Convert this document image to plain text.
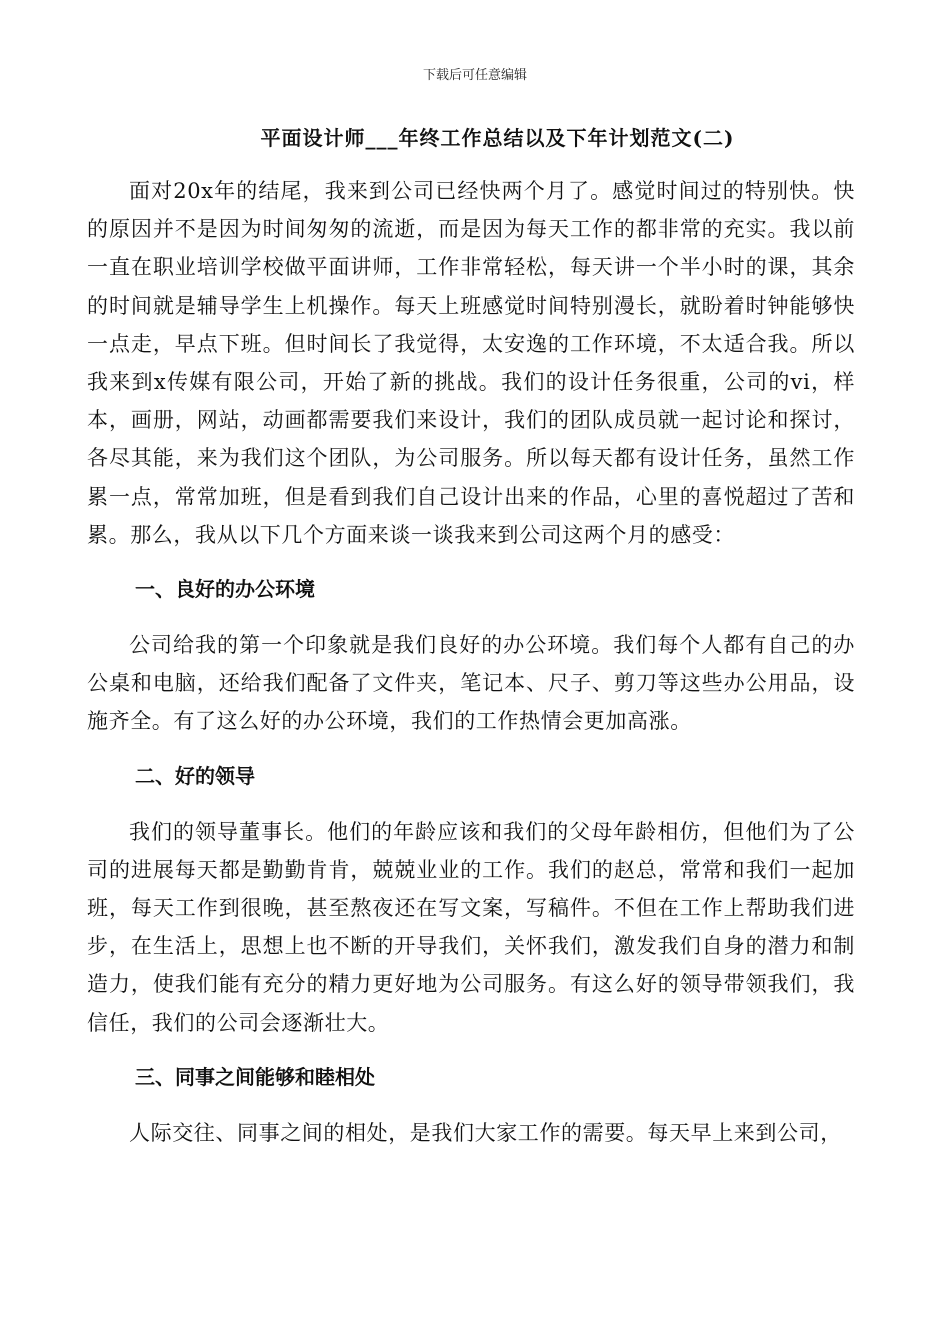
下载后可任意编辑
平面设计师___年终工作总结以及下年计划范文(二)

面对20x年的结尾，我来到公司已经快两个月了。感觉时间过的特别快。快的原因并不是因为时间匆匆的流逝，而是因为每天工作的都非常的充实。我以前一直在职业培训学校做平面讲师，工作非常轻松，每天讲一个半小时的课，其余的时间就是辅导学生上机操作。每天上班感觉时间特别漫长，就盼着时钟能够快一点走，早点下班。但时间长了我觉得，太安逸的工作环境，不太适合我。所以我来到x传媒有限公司，开始了新的挑战。我们的设计任务很重，公司的vi，样本，画册，网站，动画都需要我们来设计，我们的团队成员就一起讨论和探讨，各尽其能，来为我们这个团队，为公司服务。所以每天都有设计任务，虽然工作累一点，常常加班，但是看到我们自己设计出来的作品，心里的喜悦超过了苦和累。那么，我从以下几个方面来谈一谈我来到公司这两个月的感受：

一、良好的办公环境

公司给我的第一个印象就是我们良好的办公环境。我们每个人都有自己的办公桌和电脑，还给我们配备了文件夹，笔记本、尺子、剪刀等这些办公用品，设施齐全。有了这么好的办公环境，我们的工作热情会更加高涨。

二、好的领导

我们的领导董事长。他们的年龄应该和我们的父母年龄相仿，但他们为了公司的进展每天都是勤勤肯肯，兢兢业业的工作。我们的赵总，常常和我们一起加班，每天工作到很晚，甚至熬夜还在写文案，写稿件。不但在工作上帮助我们进步，在生活上，思想上也不断的开导我们，关怀我们，激发我们自身的潜力和制造力，使我们能有充分的精力更好地为公司服务。有这么好的领导带领我们，我信任，我们的公司会逐渐壮大。

三、同事之间能够和睦相处

人际交往、同事之间的相处，是我们大家工作的需要。每天早上来到公司，
